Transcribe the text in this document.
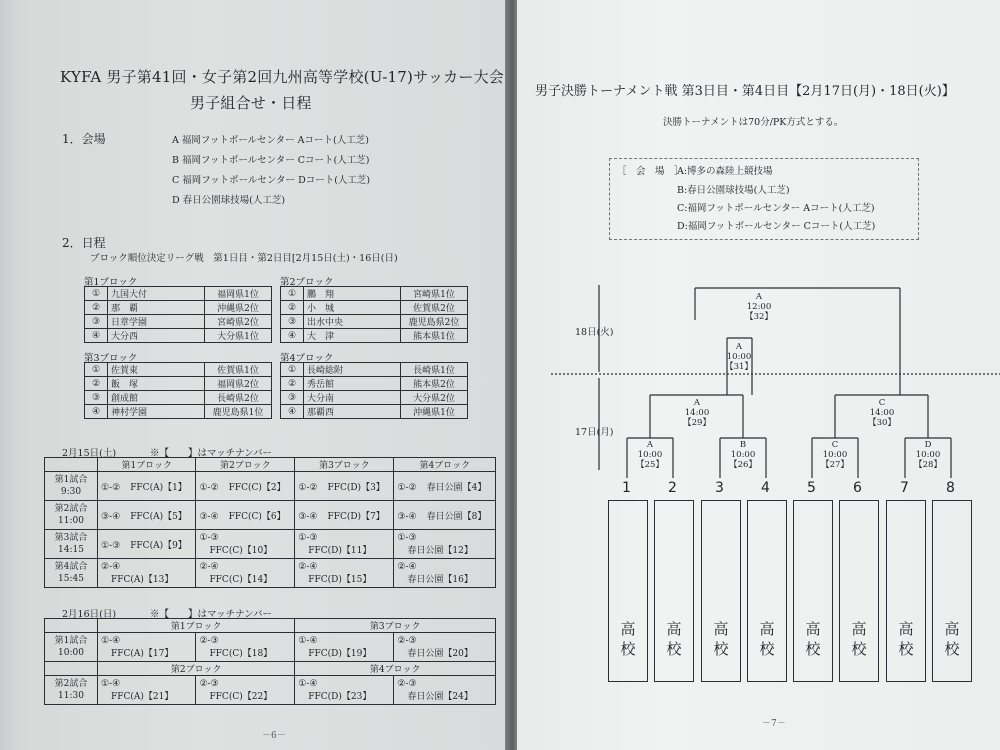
KYFA 男子第41回・女子第2回九州高等学校(U-17)サッカー大会
男子組合せ・日程
1．会場	A 福岡フットボールセンター Aコート(人工芝)
B 福岡フットボールセンター Cコート(人工芝)
C 福岡フットボールセンター Dコート(人工芝)
D 春日公園球技場(人工芝)
2．日程
ブロック順位決定リーグ戦　第1日目・第2日目[2月15日(土)・16日(日)
第1ブロック
①	九国大付	福岡県1位
②	那　覇	沖縄県2位
③	日章学園	宮崎県2位
④	大分西	大分県1位
第2ブロック
①	鵬　翔	宮崎県1位
②	小　城	佐賀県2位
③	出水中央	鹿児島県2位
④	大　津	熊本県1位
第3ブロック
①	佐賀東	佐賀県1位
②	飯　塚	福岡県2位
③	創成館	長崎県2位
④	神村学園	鹿児島県1位
第4ブロック
①	長崎総附	長崎県1位
②	秀岳館	熊本県2位
③	大分南	大分県2位
④	那覇西	沖縄県1位
2月15日(土)	※【　　】はマッチナンバー
	第1ブロック	第2ブロック	第3ブロック	第4ブロック

第1試合
9:30	①-② FFC(A)【1】	①-② FFC(C)【2】	①-② FFC(D)【3】	①-② 春日公園【4】

第2試合
11:00	③-④ FFC(A)【5】	③-④ FFC(C)【6】	③-④ FFC(D)【7】	③-④ 春日公園【8】

第3試合
14:15	①-③ FFC(A)【9】	①-③FFC(C)【10】	①-③FFC(D)【11】	①-③春日公園【12】

第4試合
15:45	②-④FFC(A)【13】	②-④FFC(C)【14】	②-④FFC(D)【15】	②-④春日公園【16】
2月16日(日)	※【　　】はマッチナンバー
	第1ブロック		第3ブロック	

第1試合
10:00	①-④FFC(A)【17】	②-③FFC(C)【18】	①-④FFC(D)【19】	②-③春日公園【20】
	第2ブロック		第4ブロック	

第2試合
11:30	①-④FFC(A)【21】	②-③FFC(C)【22】	①-④FFC(D)【23】	②-③春日公園【24】
－6－
男子決勝トーナメント戦 第3日目・第4日目【2月17日(月)・18日(火)】
決勝トーナメントは70分/PK方式とする。
［　会　場　］
A:博多の森陸上競技場
B:春日公園球技場(人工芝)
C:福岡フットボールセンター Aコート(人工芝)
D:福岡フットボールセンター Cコート(人工芝)
18日(火)
17日(月)
A
12:00
【32】
A
10:00
【31】
A
14:00
【29】
C
14:00
【30】
A
10:00
【25】
B
10:00
【26】
C
10:00
【27】
D
10:00
【28】
1
高
校
2
高
校
3
高
校
4
高
校
5
高
校
6
高
校
7
高
校
8
高
校
－7－
